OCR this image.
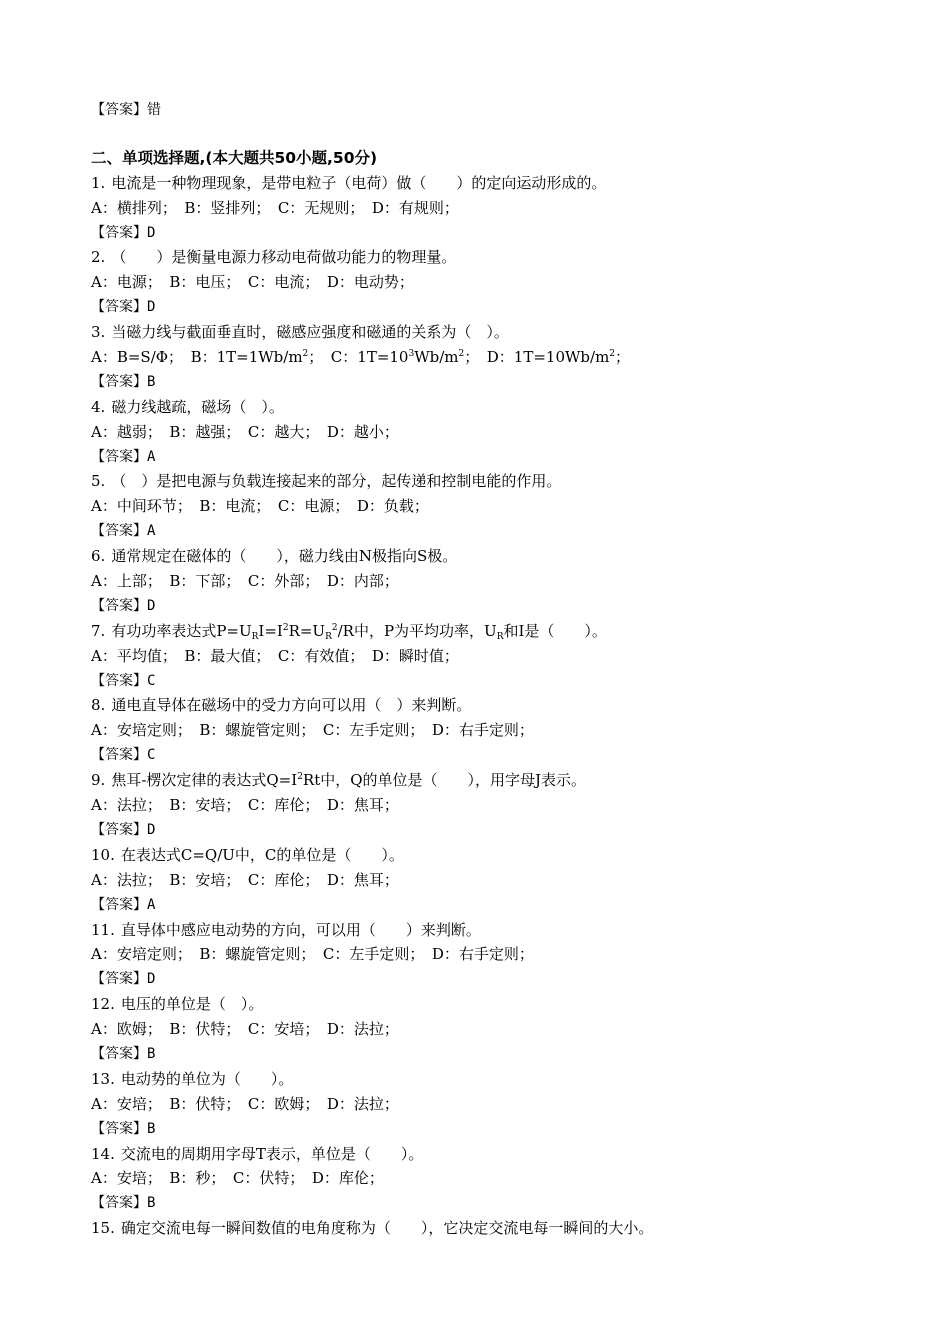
【答案】错
二、单项选择题,(本大题共50小题,50分)
1. 电流是一种物理现象，是带电粒子（电荷）做（　　）的定向运动形成的。
A：横排列；　B：竖排列；　C：无规则；　D：有规则；
【答案】D
2. （　　）是衡量电源力移动电荷做功能力的物理量。
A：电源；　B：电压；　C：电流；　D：电动势；
【答案】D
3. 当磁力线与截面垂直时，磁感应强度和磁通的关系为（　）。
A：B=S/Φ；　B：$1T=1Wb/m^2$；　C：$1T=10^3Wb/m^2$；　D：$1T=10Wb/m^2$；
【答案】B
4. 磁力线越疏，磁场（　）。
A：越弱；　B：越强；　C：越大；　D：越小；
【答案】A
5. （　）是把电源与负载连接起来的部分，起传递和控制电能的作用。
A：中间环节；　B：电流；　C：电源；　D：负载；
【答案】A
6. 通常规定在磁体的（　　），磁力线由N极指向S极。
A：上部；　B：下部；　C：外部；　D：内部；
【答案】D
7. 有功功率表达式$P=U_RI=I^2R=U_R^2/R$中，P为平均功率，$U_R$和I是（　　）。
A：平均值；　B：最大值；　C：有效值；　D：瞬时值；
【答案】C
8. 通电直导体在磁场中的受力方向可以用（　）来判断。
A：安培定则；　B：螺旋管定则；　C：左手定则；　D：右手定则；
【答案】C
9. 焦耳-楞次定律的表达式$Q=I^2Rt$中，Q的单位是（　　），用字母J表示。
A：法拉；　B：安培；　C：库伦；　D：焦耳；
【答案】D
10. 在表达式C=Q/U中，C的单位是（　　）。
A：法拉；　B：安培；　C：库伦；　D：焦耳；
【答案】A
11. 直导体中感应电动势的方向，可以用（　　）来判断。
A：安培定则；　B：螺旋管定则；　C：左手定则；　D：右手定则；
【答案】D
12. 电压的单位是（　）。
A：欧姆；　B：伏特；　C：安培；　D：法拉；
【答案】B
13. 电动势的单位为（　　）。
A：安培；　B：伏特；　C：欧姆；　D：法拉；
【答案】B
14. 交流电的周期用字母T表示，单位是（　　）。
A：安培；　B：秒；　C：伏特；　D：库伦；
【答案】B
15. 确定交流电每一瞬间数值的电角度称为（　　），它决定交流电每一瞬间的大小。
